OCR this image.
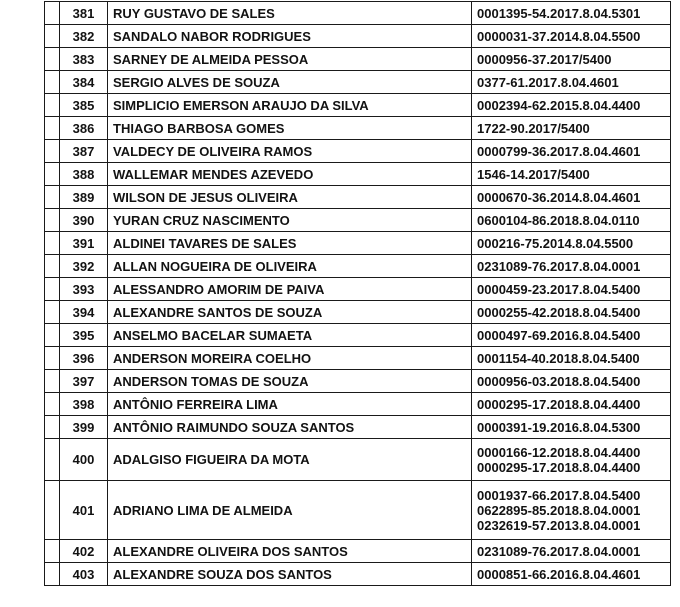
	381	RUY GUSTAVO DE SALES	0001395-54.2017.8.04.5301

	382	SANDALO NABOR RODRIGUES	0000031-37.2014.8.04.5500

	383	SARNEY DE ALMEIDA PESSOA	0000956-37.2017/5400

	384	SERGIO ALVES DE SOUZA	0377-61.2017.8.04.4601

	385	SIMPLICIO EMERSON ARAUJO DA SILVA	0002394-62.2015.8.04.4400

	386	THIAGO BARBOSA GOMES	1722-90.2017/5400

	387	VALDECY DE OLIVEIRA RAMOS	0000799-36.2017.8.04.4601

	388	WALLEMAR MENDES AZEVEDO	1546-14.2017/5400

	389	WILSON DE JESUS OLIVEIRA	0000670-36.2014.8.04.4601

	390	YURAN CRUZ NASCIMENTO	0600104-86.2018.8.04.0110

	391	ALDINEI TAVARES DE SALES	000216-75.2014.8.04.5500

	392	ALLAN NOGUEIRA DE OLIVEIRA	0231089-76.2017.8.04.0001

	393	ALESSANDRO AMORIM DE PAIVA	0000459-23.2017.8.04.5400

	394	ALEXANDRE SANTOS DE SOUZA	0000255-42.2018.8.04.5400

	395	ANSELMO BACELAR SUMAETA	0000497-69.2016.8.04.5400

	396	ANDERSON MOREIRA COELHO	0001154-40.2018.8.04.5400

	397	ANDERSON TOMAS DE SOUZA	0000956-03.2018.8.04.5400

	398	ANTÔNIO FERREIRA LIMA	0000295-17.2018.8.04.4400

	399	ANTÔNIO RAIMUNDO SOUZA SANTOS	0000391-19.2016.8.04.5300

	400	ADALGISO FIGUEIRA DA MOTA	0000166-12.2018.8.04.4400
0000295-17.2018.8.04.4400

	401	ADRIANO LIMA DE ALMEIDA	0001937-66.2017.8.04.5400
0622895-85.2018.8.04.0001
0232619-57.2013.8.04.0001

	402	ALEXANDRE OLIVEIRA DOS SANTOS	0231089-76.2017.8.04.0001

	403	ALEXANDRE SOUZA DOS SANTOS	0000851-66.2016.8.04.4601
